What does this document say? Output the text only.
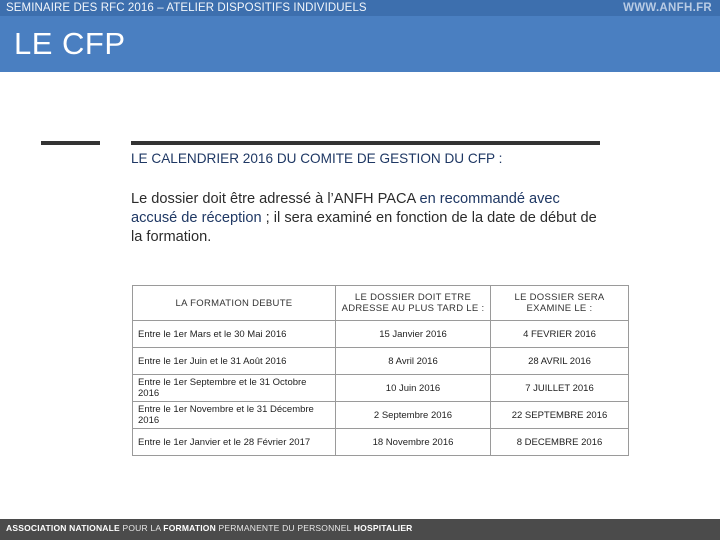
SEMINAIRE DES RFC 2016 – ATELIER DISPOSITIFS INDIVIDUELS	WWW.ANFH.FR
LE CFP
LE CALENDRIER 2016 DU COMITE DE GESTION DU CFP :
Le dossier doit être adressé à l’ANFH PACA en recommandé avec accusé de réception ; il sera examiné en fonction de la date de début de la formation.
LA FORMATION DEBUTE	LE DOSSIER DOIT ETRE ADRESSE AU PLUS TARD LE :	LE DOSSIER SERA EXAMINE LE :
Entre le 1er Mars et le 30 Mai 2016	15 Janvier 2016	4 FEVRIER 2016
Entre le 1er Juin et le 31 Août 2016	8 Avril 2016	28 AVRIL 2016
Entre le 1er Septembre et le 31 Octobre 2016	10 Juin 2016	7 JUILLET 2016
Entre le 1er Novembre et le 31 Décembre 2016	2 Septembre 2016	22 SEPTEMBRE 2016
Entre le 1er Janvier et le 28 Février 2017	18 Novembre 2016	8 DECEMBRE 2016
ASSOCIATION NATIONALE POUR LA FORMATION PERMANENTE DU PERSONNEL HOSPITALIER
